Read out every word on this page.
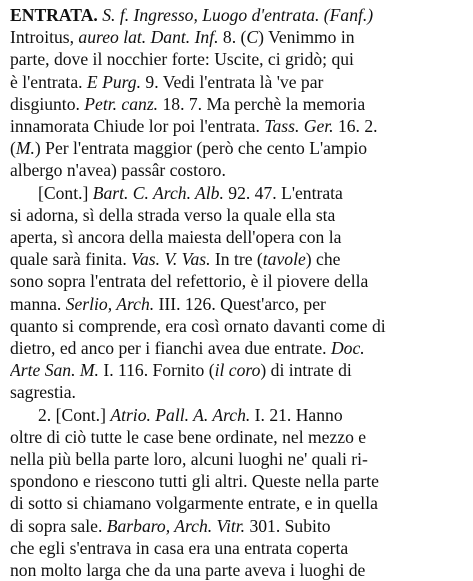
ENTRATA. S. f. Ingresso, Luogo d'entrata. (Fanf.)
Introitus, aureo lat. Dant. Inf. 8. (C) Venimmo in
parte, dove il nocchier forte: Uscite, ci gridò; qui
è l'entrata. E Purg. 9. Vedi l'entrata là 've par
disgiunto. Petr. canz. 18. 7. Ma perchè la memoria
innamorata Chiude lor poi l'entrata. Tass. Ger. 16. 2.
(M.) Per l'entrata maggior (però che cento L'ampio
albergo n'avea) passâr costoro.
[Cont.] Bart. C. Arch. Alb. 92. 47. L'entrata
si adorna, sì della strada verso la quale ella sta
aperta, sì ancora della maiesta dell'opera con la
quale sarà finita. Vas. V. Vas. In tre (tavole) che
sono sopra l'entrata del refettorio, è il piovere della
manna. Serlio, Arch. III. 126. Quest'arco, per
quanto si comprende, era così ornato davanti come di
dietro, ed anco per i fianchi avea due entrate. Doc.
Arte San. M. I. 116. Fornito (il coro) di intrate di
sagrestia.
2. [Cont.] Atrio. Pall. A. Arch. I. 21. Hanno
oltre di ciò tutte le case bene ordinate, nel mezzo e
nella più bella parte loro, alcuni luoghi ne' quali ri-
spondono e riescono tutti gli altri. Queste nella parte
di sotto si chiamano volgarmente entrate, e in quella
di sopra sale. Barbaro, Arch. Vitr. 301. Subito
che egli s'entrava in casa era una entrata coperta
non molto larga che da una parte aveva i luoghi de
